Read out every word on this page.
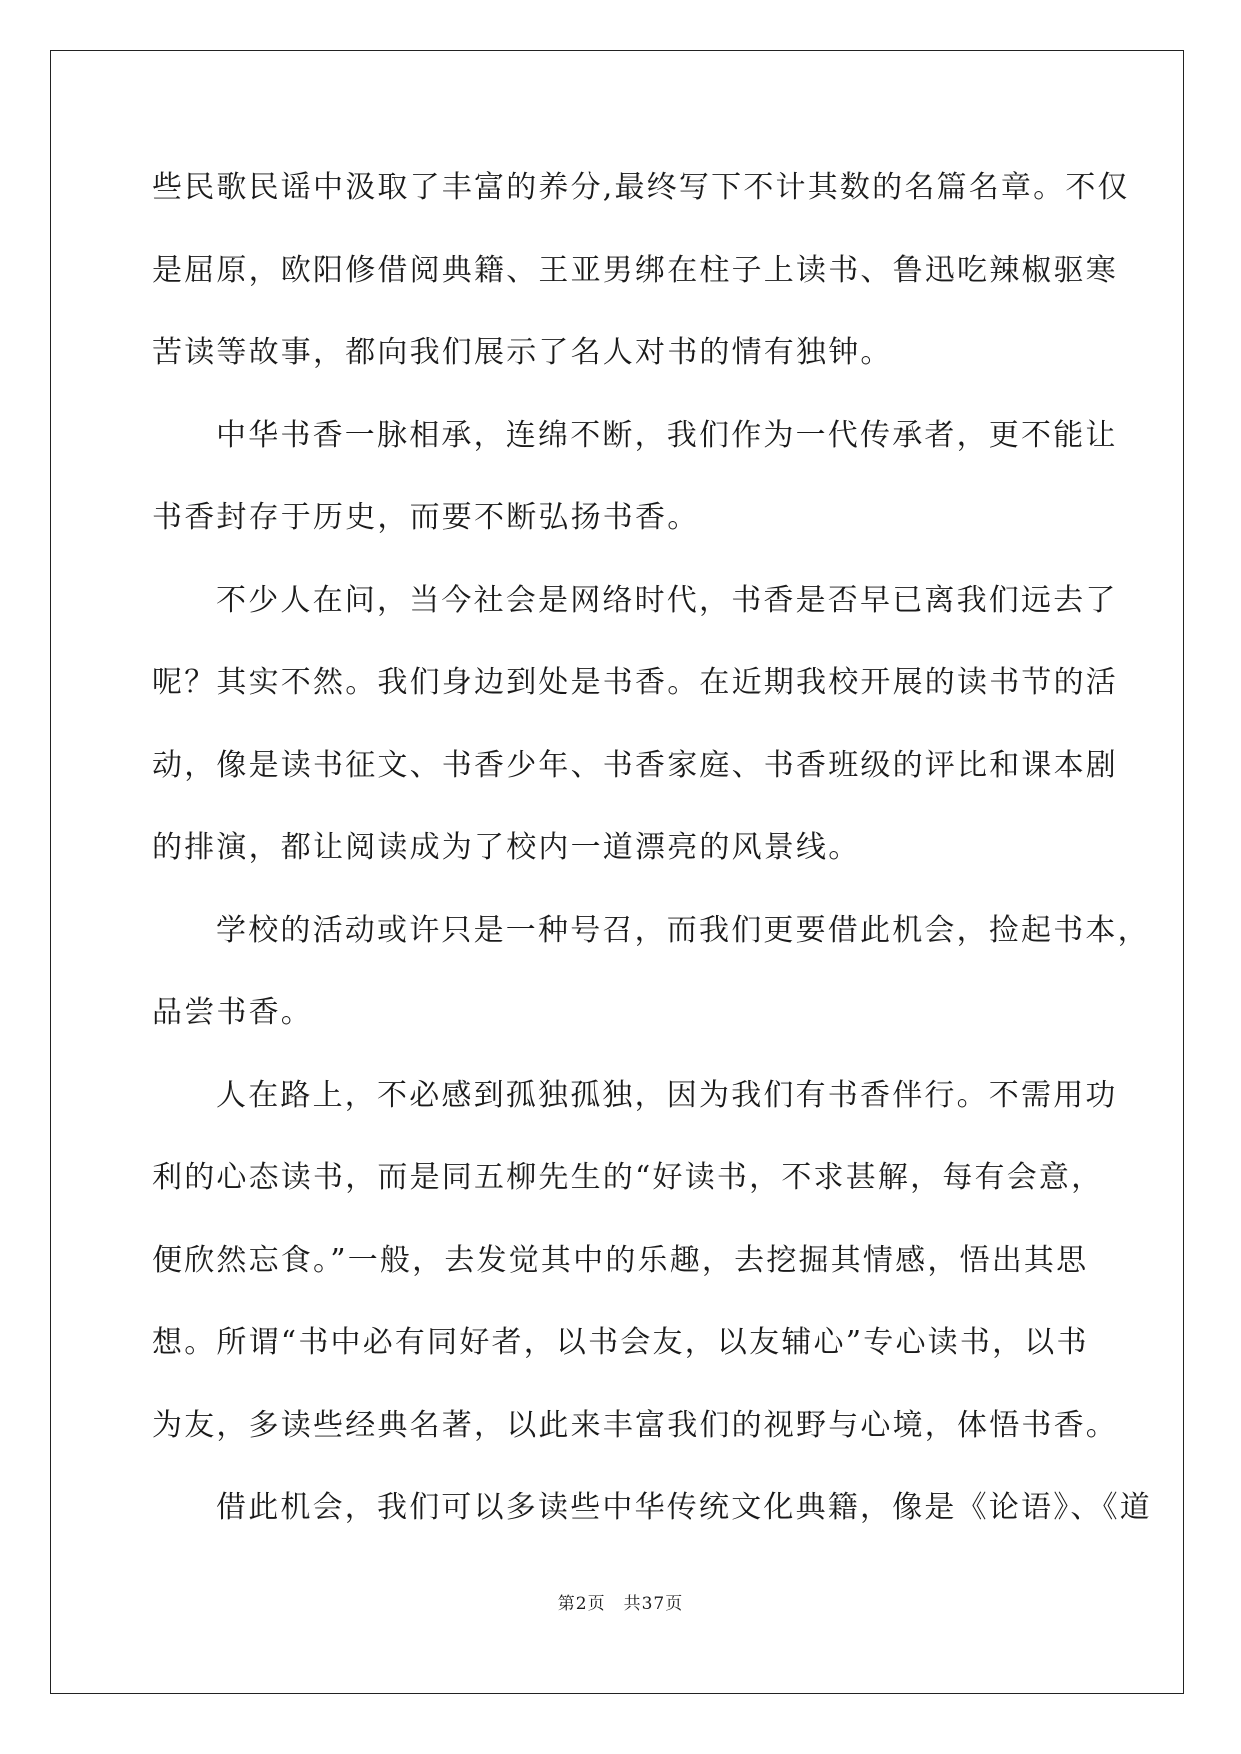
些民歌民谣中汲取了丰富的养分,最终写下不计其数的名篇名章。不仅
是屈原，欧阳修借阅典籍、王亚男绑在柱子上读书、鲁迅吃辣椒驱寒
苦读等故事，都向我们展示了名人对书的情有独钟。
中华书香一脉相承，连绵不断，我们作为一代传承者，更不能让
书香封存于历史，而要不断弘扬书香。
不少人在问，当今社会是网络时代，书香是否早已离我们远去了
呢？其实不然。我们身边到处是书香。在近期我校开展的读书节的活
动，像是读书征文、书香少年、书香家庭、书香班级的评比和课本剧
的排演，都让阅读成为了校内一道漂亮的风景线。
学校的活动或许只是一种号召，而我们更要借此机会，捡起书本，
品尝书香。
人在路上，不必感到孤独孤独，因为我们有书香伴行。不需用功
利的心态读书，而是同五柳先生的“好读书，不求甚解，每有会意，
便欣然忘食。”一般，去发觉其中的乐趣，去挖掘其情感，悟出其思
想。所谓“书中必有同好者，以书会友，以友辅心”专心读书，以书
为友，多读些经典名著，以此来丰富我们的视野与心境，体悟书香。
借此机会，我们可以多读些中华传统文化典籍，像是《论语》、《道
第2页 共37页
